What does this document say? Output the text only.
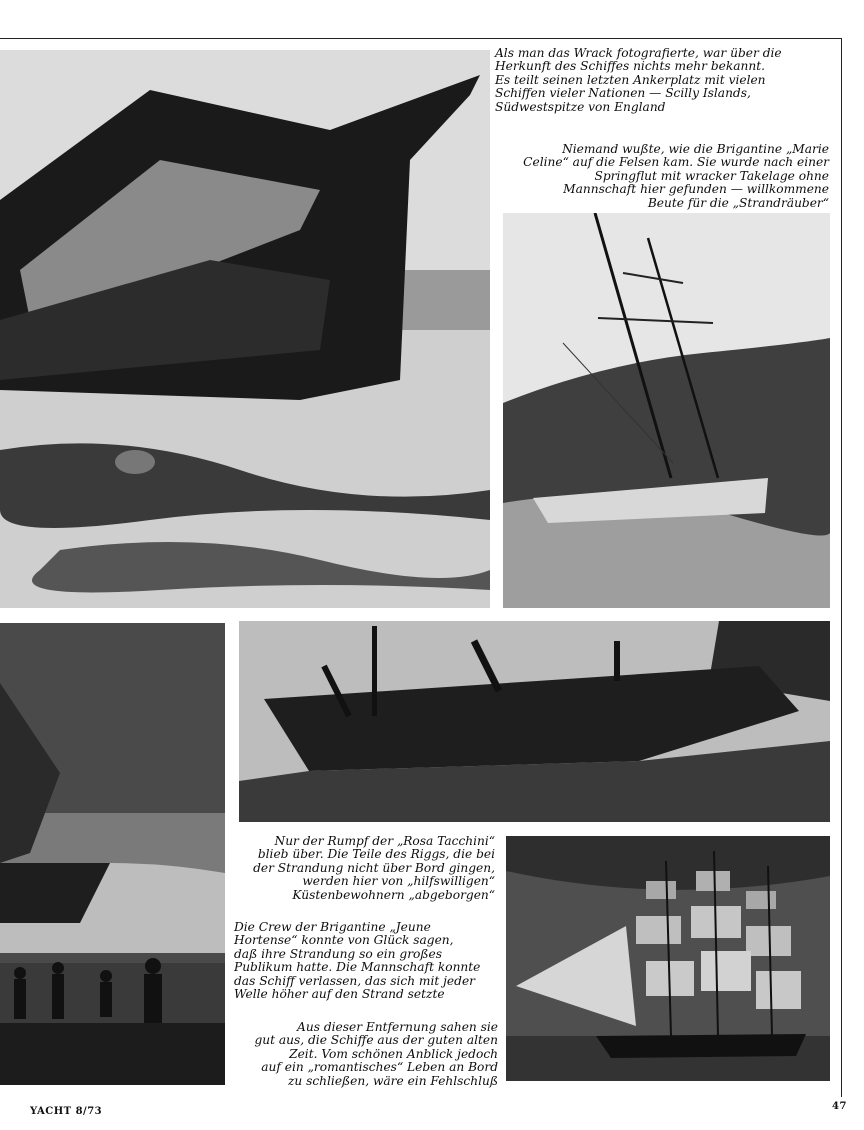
Als man das Wrack fotografierte, war über die
Herkunft des Schiffes nichts mehr bekannt.
Es teilt seinen letzten Ankerplatz mit vielen
Schiffen vieler Nationen — Scilly Islands,
Südwestspitze von England

Niemand wußte, wie die Brigantine „Marie
Celine“ auf die Felsen kam. Sie wurde nach einer
Springflut mit wracker Takelage ohne
Mannschaft hier gefunden — willkommene
Beute für die „Strandräuber“

Nur der Rumpf der „Rosa Tacchini“
blieb über. Die Teile des Riggs, die bei
der Strandung nicht über Bord gingen,
werden hier von „hilfswilligen“
Küstenbewohnern „abgeborgen“

Die Crew der Brigantine „Jeune
Hortense“ konnte von Glück sagen,
daß ihre Strandung so ein großes
Publikum hatte. Die Mannschaft konnte
das Schiff verlassen, das sich mit jeder
Welle höher auf den Strand setzte

Aus dieser Entfernung sahen sie
gut aus, die Schiffe aus der guten alten
Zeit. Vom schönen Anblick jedoch
auf ein „romantisches“ Leben an Bord
zu schließen, wäre ein Fehlschluß

YACHT 8/73	47
